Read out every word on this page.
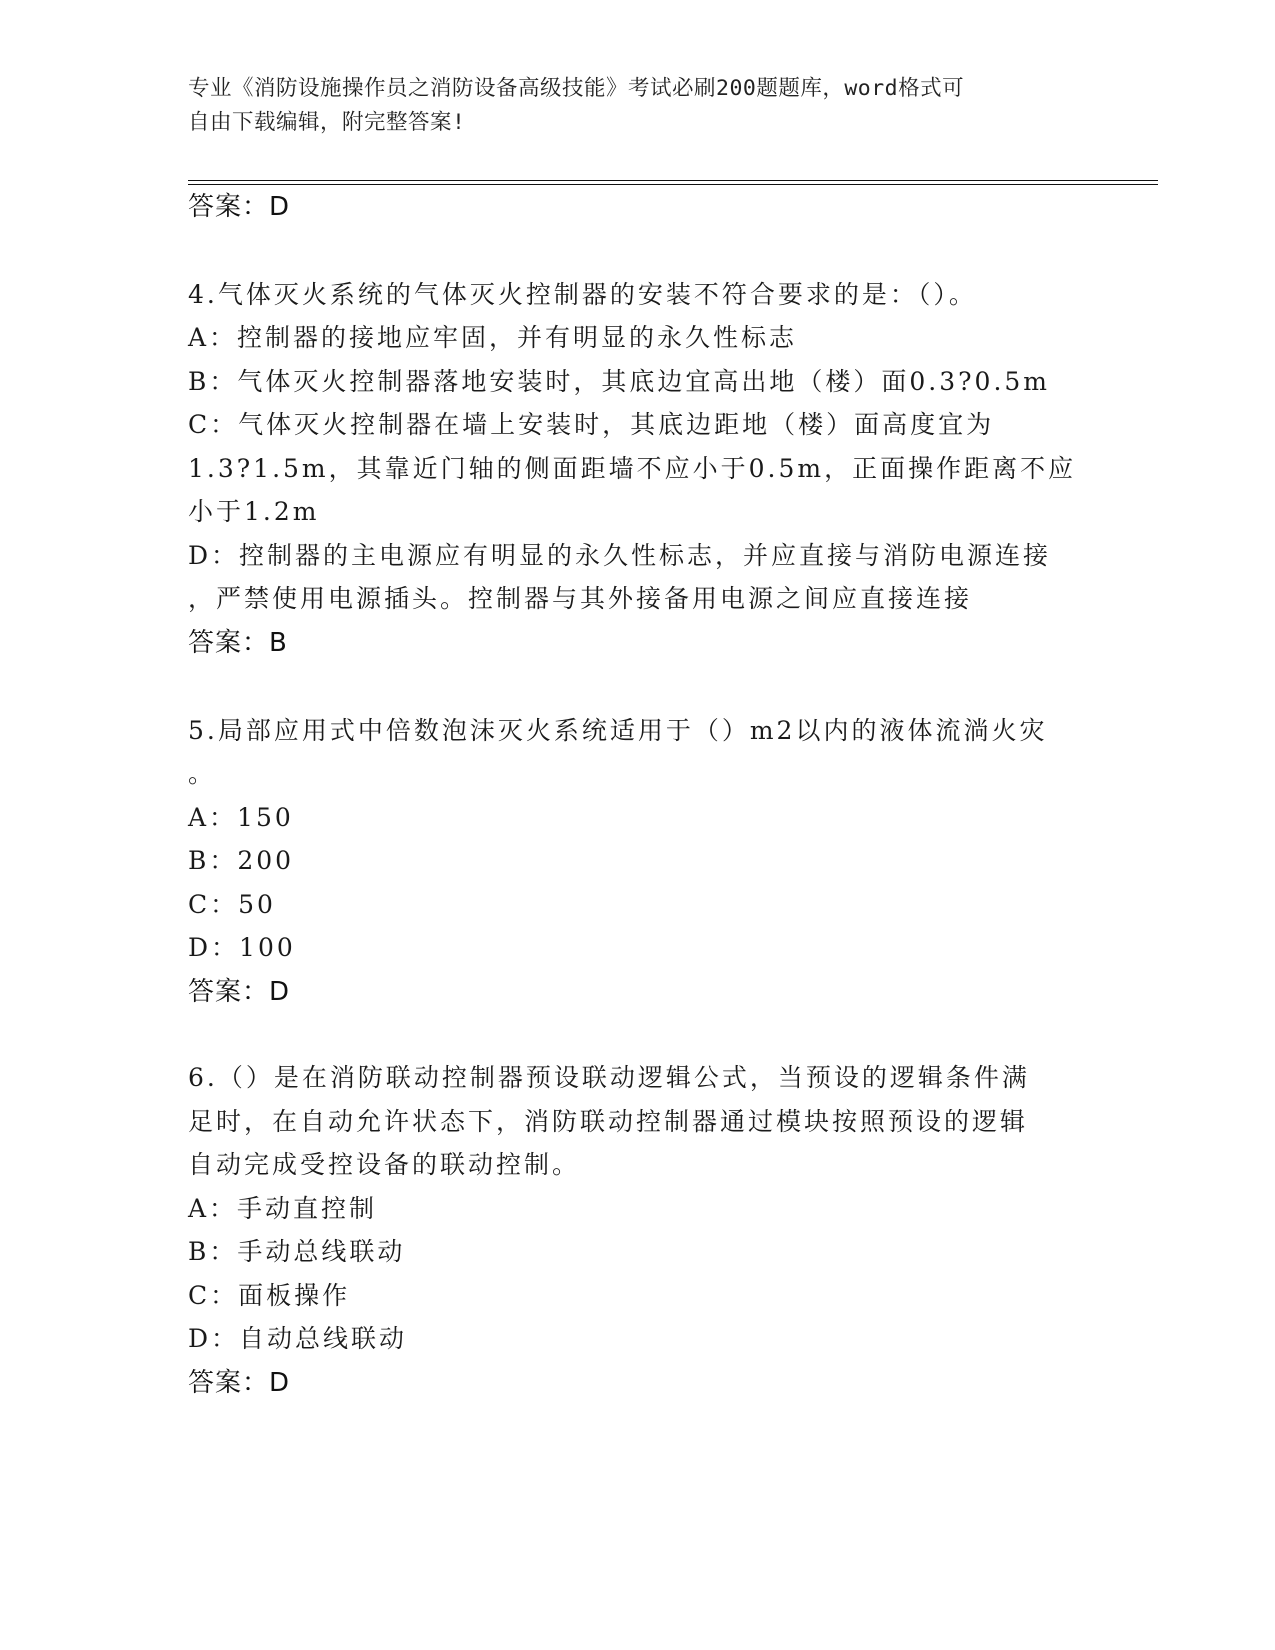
专业《消防设施操作员之消防设备高级技能》考试必刷200题题库，word格式可
自由下载编辑，附完整答案!
答案：D
4.气体灭火系统的气体灭火控制器的安装不符合要求的是：（）。
A：控制器的接地应牢固，并有明显的永久性标志
B：气体灭火控制器落地安装时，其底边宜高出地（楼）面0.3?0.5m
C：气体灭火控制器在墙上安装时，其底边距地（楼）面高度宜为
1.3?1.5m，其靠近门轴的侧面距墙不应小于0.5m，正面操作距离不应
小于1.2m
D：控制器的主电源应有明显的永久性标志，并应直接与消防电源连接
，严禁使用电源插头。控制器与其外接备用电源之间应直接连接
答案：B
5.局部应用式中倍数泡沫灭火系统适用于（）m2以内的液体流淌火灾
。
A：150
B：200
C：50
D：100
答案：D
6.（）是在消防联动控制器预设联动逻辑公式，当预设的逻辑条件满
足时，在自动允许状态下，消防联动控制器通过模块按照预设的逻辑
自动完成受控设备的联动控制。
A：手动直控制
B：手动总线联动
C：面板操作
D：自动总线联动
答案：D
